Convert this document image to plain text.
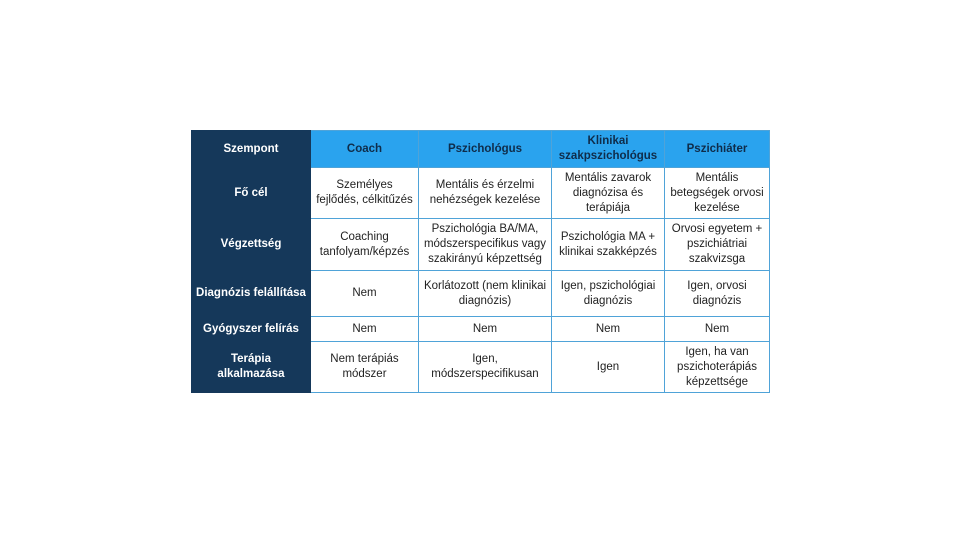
Szempont	Coach	Pszichológus	Klinikai szakpszichológus	Pszichiáter
Fő cél	Személyes fejlődés, célkitűzés	Mentális és érzelmi nehézségek kezelése	Mentális zavarok diagnózisa és terápiája	Mentális betegségek orvosi kezelése
Végzettség	Coaching tanfolyam/képzés	Pszichológia BA/MA, módszerspecifikus vagy szakirányú képzettség	Pszichológia MA + klinikai szakképzés	Orvosi egyetem + pszichiátriai szakvizsga
Diagnózis felállítása	Nem	Korlátozott (nem klinikai diagnózis)	Igen, pszichológiai diagnózis	Igen, orvosi diagnózis
Gyógyszer felírás	Nem	Nem	Nem	Nem
Terápia alkalmazása	Nem terápiás módszer	Igen, módszerspecifikusan	Igen	Igen, ha van pszichoterápiás képzettsége
